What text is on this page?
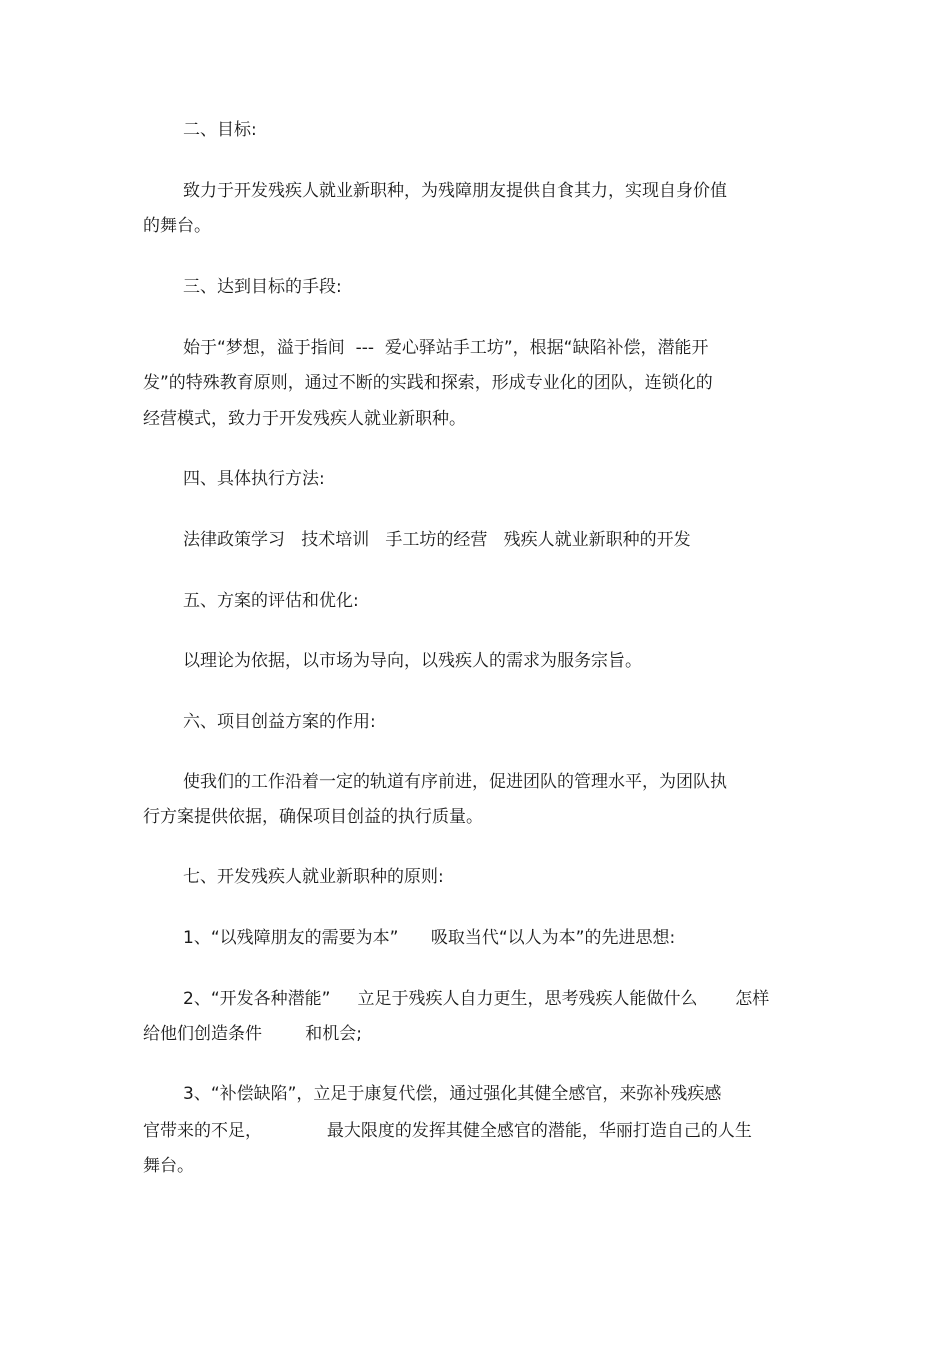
二、目标:

致力于开发残疾人就业新职种，为残障朋友提供自食其力，实现自身价值

的舞台。

三、达到目标的手段:

始于“梦想，溢于指间  ---  爱心驿站手工坊”，根据“缺陷补偿，潜能开

发”的特殊教育原则，通过不断的实践和探索，形成专业化的团队，连锁化的

经营模式，致力于开发残疾人就业新职种。

四、具体执行方法:

法律政策学习   技术培训   手工坊的经营   残疾人就业新职种的开发

五、方案的评估和优化:

以理论为依据，以市场为导向，以残疾人的需求为服务宗旨。

六、项目创益方案的作用:

使我们的工作沿着一定的轨道有序前进，促进团队的管理水平，为团队执

行方案提供依据，确保项目创益的执行质量。

七、开发残疾人就业新职种的原则:

1、“以残障朋友的需要为本”      吸取当代“以人为本”的先进思想:

2、“开发各种潜能”     立足于残疾人自力更生，思考残疾人能做什么       怎样

给他们创造条件        和机会;

3、“补偿缺陷”，立足于康复代偿，通过强化其健全感官，来弥补残疾感

官带来的不足，            最大限度的发挥其健全感官的潜能，华丽打造自己的人生

舞台。
